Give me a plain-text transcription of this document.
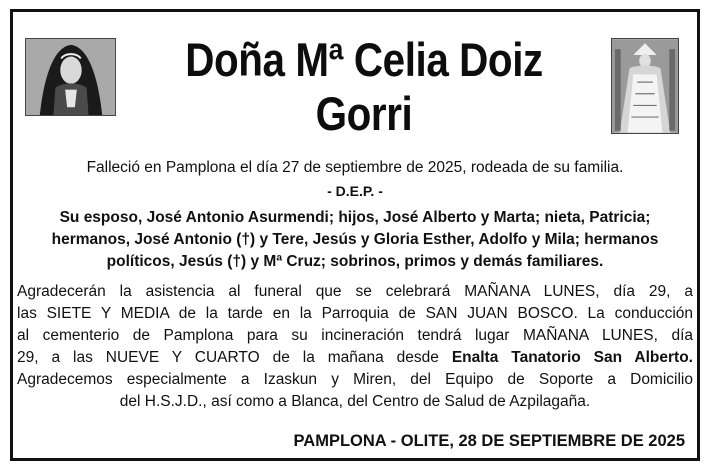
Doña Mª Celia Doiz
Gorri
Falleció en Pamplona el día 27 de septiembre de 2025, rodeada de su familia.
- D.E.P. -
Su esposo, José Antonio Asurmendi; hijos, José Alberto y Marta; nieta, Patricia;
hermanos, José Antonio (†) y Tere, Jesús y Gloria Esther, Adolfo y Mila; hermanos
políticos, Jesús (†) y Mª Cruz; sobrinos, primos y demás familiares.
Agradecerán la asistencia al funeral que se celebrará MAÑANA LUNES, día 29, a
las SIETE Y MEDIA de la tarde en la Parroquia de SAN JUAN BOSCO. La conducción
al cementerio de Pamplona para su incineración tendrá lugar MAÑANA LUNES, día
29, a las NUEVE Y CUARTO de la mañana desde Enalta Tanatorio San Alberto.
Agradecemos especialmente a Izaskun y Miren, del Equipo de Soporte a Domicilio
del H.S.J.D., así como a Blanca, del Centro de Salud de Azpilagaña.
PAMPLONA - OLITE, 28 DE SEPTIEMBRE DE 2025
